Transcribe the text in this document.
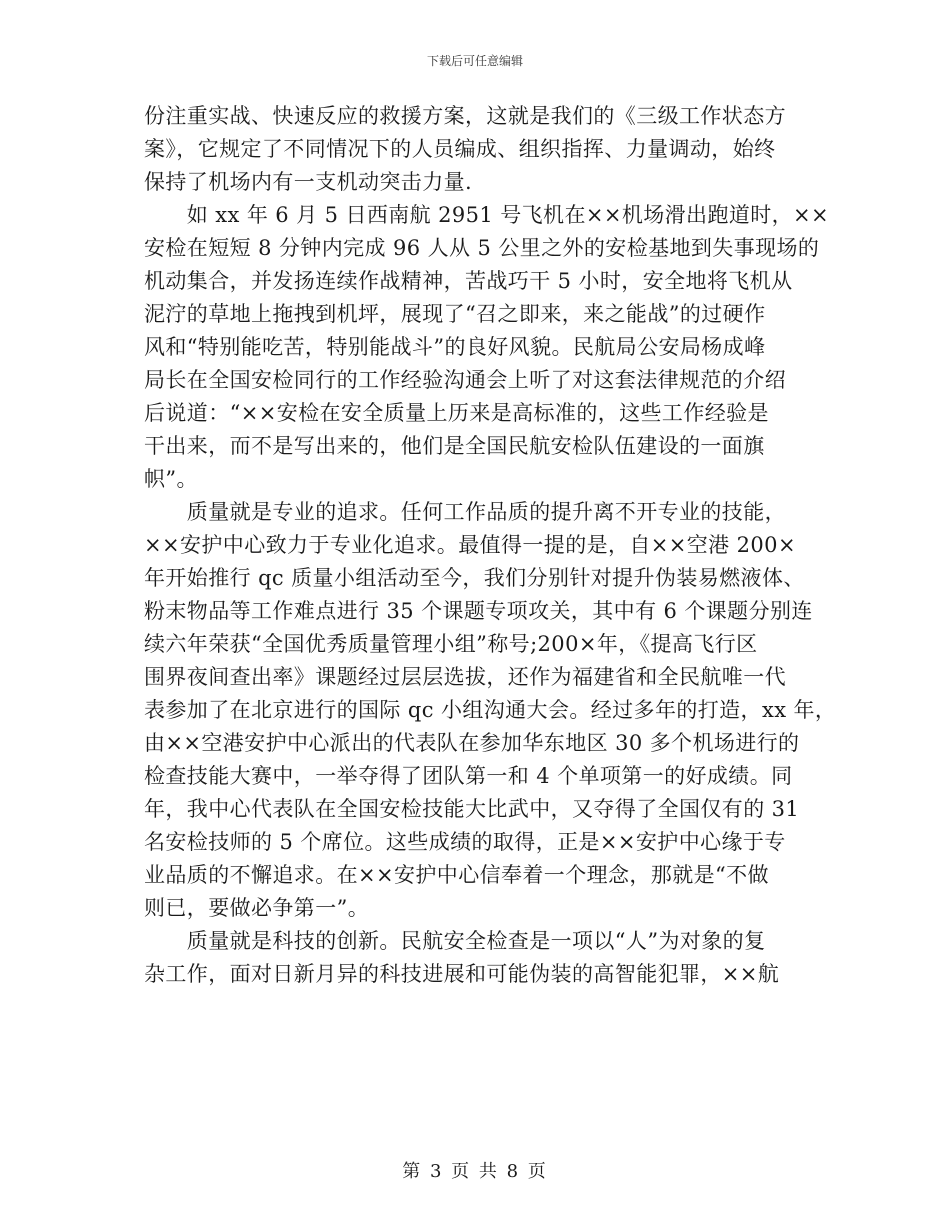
下载后可任意编辑
份注重实战、快速反应的救援方案，这就是我们的《三级工作状态方
案》，它规定了不同情况下的人员编成、组织指挥、力量调动，始终
保持了机场内有一支机动突击力量.
　　如 xx 年 6 月 5 日西南航 2951 号飞机在××机场滑出跑道时，××
安检在短短 8 分钟内完成 96 人从 5 公里之外的安检基地到失事现场的
机动集合，并发扬连续作战精神，苦战巧干 5 小时，安全地将飞机从
泥泞的草地上拖拽到机坪，展现了“召之即来，来之能战”的过硬作
风和“特别能吃苦，特别能战斗”的良好风貌。民航局公安局杨成峰
局长在全国安检同行的工作经验沟通会上听了对这套法律规范的介绍
后说道：“××安检在安全质量上历来是高标准的，这些工作经验是
干出来，而不是写出来的，他们是全国民航安检队伍建设的一面旗
帜”。
　　质量就是专业的追求。任何工作品质的提升离不开专业的技能，
××安护中心致力于专业化追求。最值得一提的是，自××空港 200×
年开始推行 qc 质量小组活动至今，我们分别针对提升伪装易燃液体、
粉末物品等工作难点进行 35 个课题专项攻关，其中有 6 个课题分别连
续六年荣获“全国优秀质量管理小组”称号;200×年，《提高飞行区
围界夜间查出率》课题经过层层选拔，还作为福建省和全民航唯一代
表参加了在北京进行的国际 qc 小组沟通大会。经过多年的打造，xx 年，
由××空港安护中心派出的代表队在参加华东地区 30 多个机场进行的
检查技能大赛中，一举夺得了团队第一和 4 个单项第一的好成绩。同
年，我中心代表队在全国安检技能大比武中，又夺得了全国仅有的 31
名安检技师的 5 个席位。这些成绩的取得，正是××安护中心缘于专
业品质的不懈追求。在××安护中心信奉着一个理念，那就是“不做
则已，要做必争第一”。
　　质量就是科技的创新。民航安全检查是一项以“人”为对象的复
杂工作，面对日新月异的科技进展和可能伪装的高智能犯罪，××航
第 3 页 共 8 页
